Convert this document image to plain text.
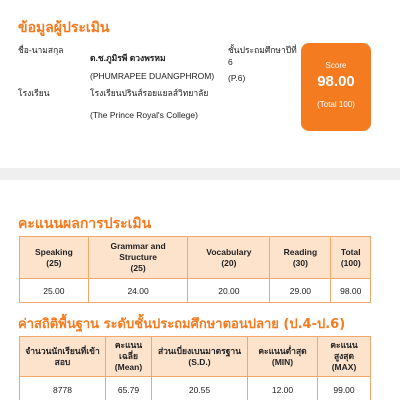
ข้อมูลผู้ประเมิน
ชื่อ-นามสกุล
ด.ช.ภูมิรพี ดวงพรหม
(PHUMRAPEE DUANGPHROM)
ชั้นประถมศึกษาปีที่
6
(P.6)
โรงเรียน	โรงเรียนปรินส์รอยแยลส์วิทยาลัย
(The Prince Royal's College)
Score
98.00
(Total 100)
คะแนนผลการประเมิน
Speaking
(25)	Grammar and
Structure
(25)	Vocabulary
(20)	Reading
(30)	Total
(100)
25.00	24.00	20.00	29.00	98.00
ค่าสถิติพื้นฐาน ระดับชั้นประถมศึกษาตอนปลาย (ป.4-ป.6)
จำนวนนักเรียนที่เข้า
สอบ	คะแนน
เฉลี่ย
(Mean)	ส่วนเบี่ยงเบนมาตรฐาน
(S.D.)	คะแนนต่ำสุด
(MIN)	คะแนน
สูงสุด
(MAX)
8778	65.79	20.55	12.00	99.00
